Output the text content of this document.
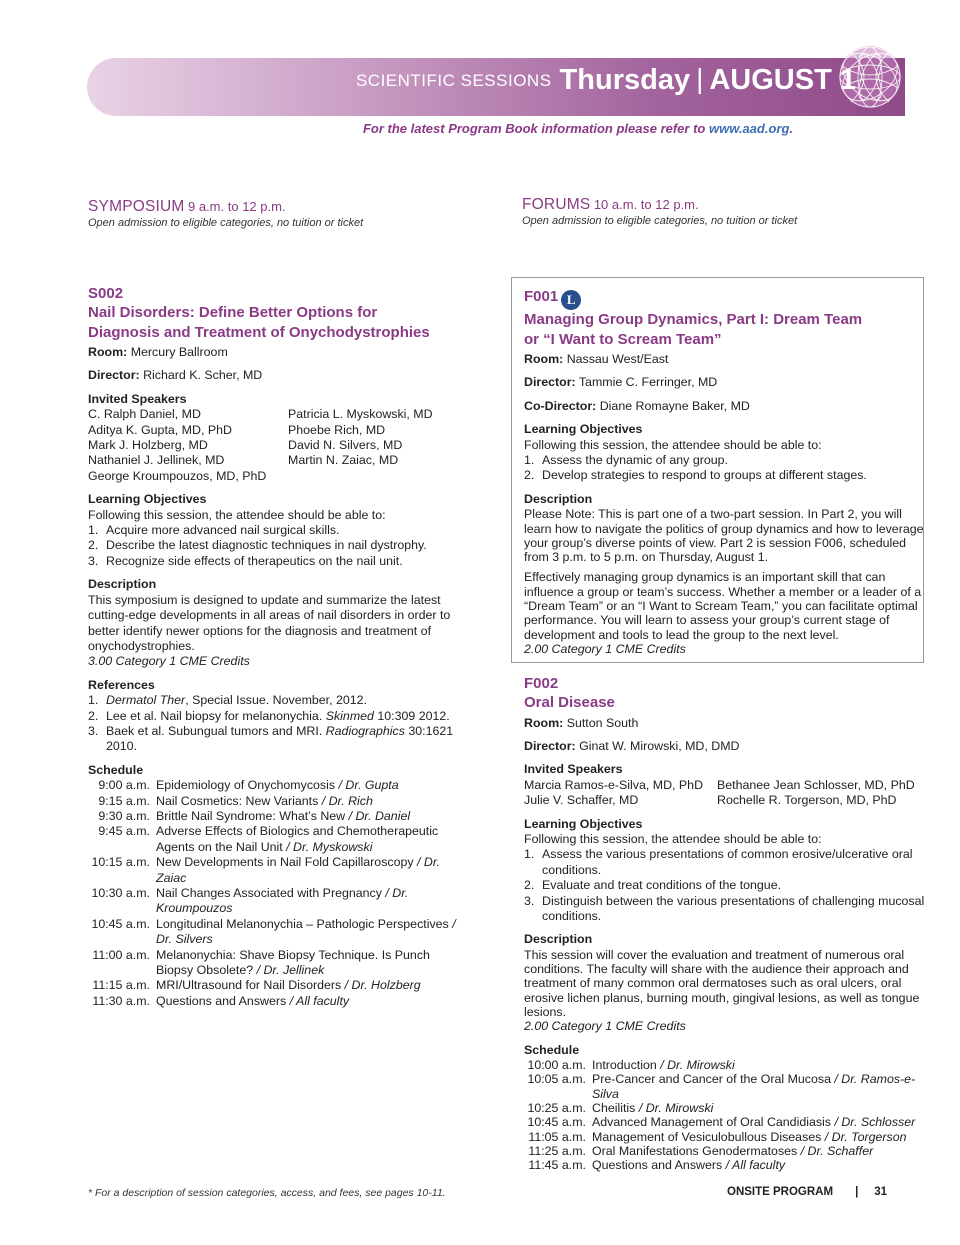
SCIENTIFIC SESSIONS Thursday | AUGUST 1
For the latest Program Book information please refer to www.aad.org.
SYMPOSIUM 9 a.m. to 12 p.m.
Open admission to eligible categories, no tuition or ticket
FORUMS 10 a.m. to 12 p.m.
Open admission to eligible categories, no tuition or ticket
S002
Nail Disorders: Define Better Options for
Diagnosis and Treatment of Onychodystrophies
Room: Mercury Ballroom
Director: Richard K. Scher, MD
Invited Speakers
C. Ralph Daniel, MD	Patricia L. Myskowski, MD
Aditya K. Gupta, MD, PhD	Phoebe Rich, MD
Mark J. Holzberg, MD	David N. Silvers, MD
Nathaniel J. Jellinek, MD	Martin N. Zaiac, MD
George Kroumpouzos, MD, PhD
Learning Objectives
Following this session, the attendee should be able to:
1. Acquire more advanced nail surgical skills.
2. Describe the latest diagnostic techniques in nail dystrophy.
3. Recognize side effects of therapeutics on the nail unit.
Description
This symposium is designed to update and summarize the latest cutting-edge developments in all areas of nail disorders in order to better identify newer options for the diagnosis and treatment of onychodystrophies.
3.00 Category 1 CME Credits
References
1. Dermatol Ther, Special Issue. November, 2012.
2. Lee et al. Nail biopsy for melanonychia. Skinmed 10:309 2012.
3. Baek et al. Subungual tumors and MRI. Radiographics 30:1621 2010.
Schedule
9:00 a.m. Epidemiology of Onychomycosis / Dr. Gupta
9:15 a.m. Nail Cosmetics: New Variants / Dr. Rich
9:30 a.m. Brittle Nail Syndrome: What’s New / Dr. Daniel
9:45 a.m. Adverse Effects of Biologics and Chemotherapeutic Agents on the Nail Unit / Dr. Myskowski
10:15 a.m. New Developments in Nail Fold Capillaroscopy / Dr. Zaiac
10:30 a.m. Nail Changes Associated with Pregnancy / Dr. Kroumpouzos
10:45 a.m. Longitudinal Melanonychia – Pathologic Perspectives / Dr. Silvers
11:00 a.m. Melanonychia: Shave Biopsy Technique. Is Punch Biopsy Obsolete? / Dr. Jellinek
11:15 a.m. MRI/Ultrasound for Nail Disorders / Dr. Holzberg
11:30 a.m. Questions and Answers / All faculty
F001 L
Managing Group Dynamics, Part I: Dream Team
or “I Want to Scream Team”
Room: Nassau West/East
Director: Tammie C. Ferringer, MD
Co-Director: Diane Romayne Baker, MD
Learning Objectives
Following this session, the attendee should be able to:
1. Assess the dynamic of any group.
2. Develop strategies to respond to groups at different stages.
Description
Please Note: This is part one of a two-part session. In Part 2, you will learn how to navigate the politics of group dynamics and how to leverage your group’s diverse points of view. Part 2 is session F006, scheduled from 3 p.m. to 5 p.m. on Thursday, August 1.
Effectively managing group dynamics is an important skill that can influence a group or team’s success. Whether a member or a leader of a “Dream Team” or an “I Want to Scream Team,” you can facilitate optimal performance. You will learn to assess your group’s current stage of development and tools to lead the group to the next level.
2.00 Category 1 CME Credits
F002
Oral Disease
Room: Sutton South
Director: Ginat W. Mirowski, MD, DMD
Invited Speakers
Marcia Ramos-e-Silva, MD, PhD	Bethanee Jean Schlosser, MD, PhD
Julie V. Schaffer, MD	Rochelle R. Torgerson, MD, PhD
Learning Objectives
Following this session, the attendee should be able to:
1. Assess the various presentations of common erosive/ulcerative oral conditions.
2. Evaluate and treat conditions of the tongue.
3. Distinguish between the various presentations of challenging mucosal conditions.
Description
This session will cover the evaluation and treatment of numerous oral conditions. The faculty will share with the audience their approach and treatment of many common oral dermatoses such as oral ulcers, oral erosive lichen planus, burning mouth, gingival lesions, as well as tongue lesions.
2.00 Category 1 CME Credits
Schedule
10:00 a.m. Introduction / Dr. Mirowski
10:05 a.m. Pre-Cancer and Cancer of the Oral Mucosa / Dr. Ramos-e-Silva
10:25 a.m. Cheilitis / Dr. Mirowski
10:45 a.m. Advanced Management of Oral Candidiasis / Dr. Schlosser
11:05 a.m. Management of Vesiculobullous Diseases / Dr. Torgerson
11:25 a.m. Oral Manifestations Genodermatoses / Dr. Schaffer
11:45 a.m. Questions and Answers / All faculty
* For a description of session categories, access, and fees, see pages 10-11.	ONSITE PROGRAM | 31
